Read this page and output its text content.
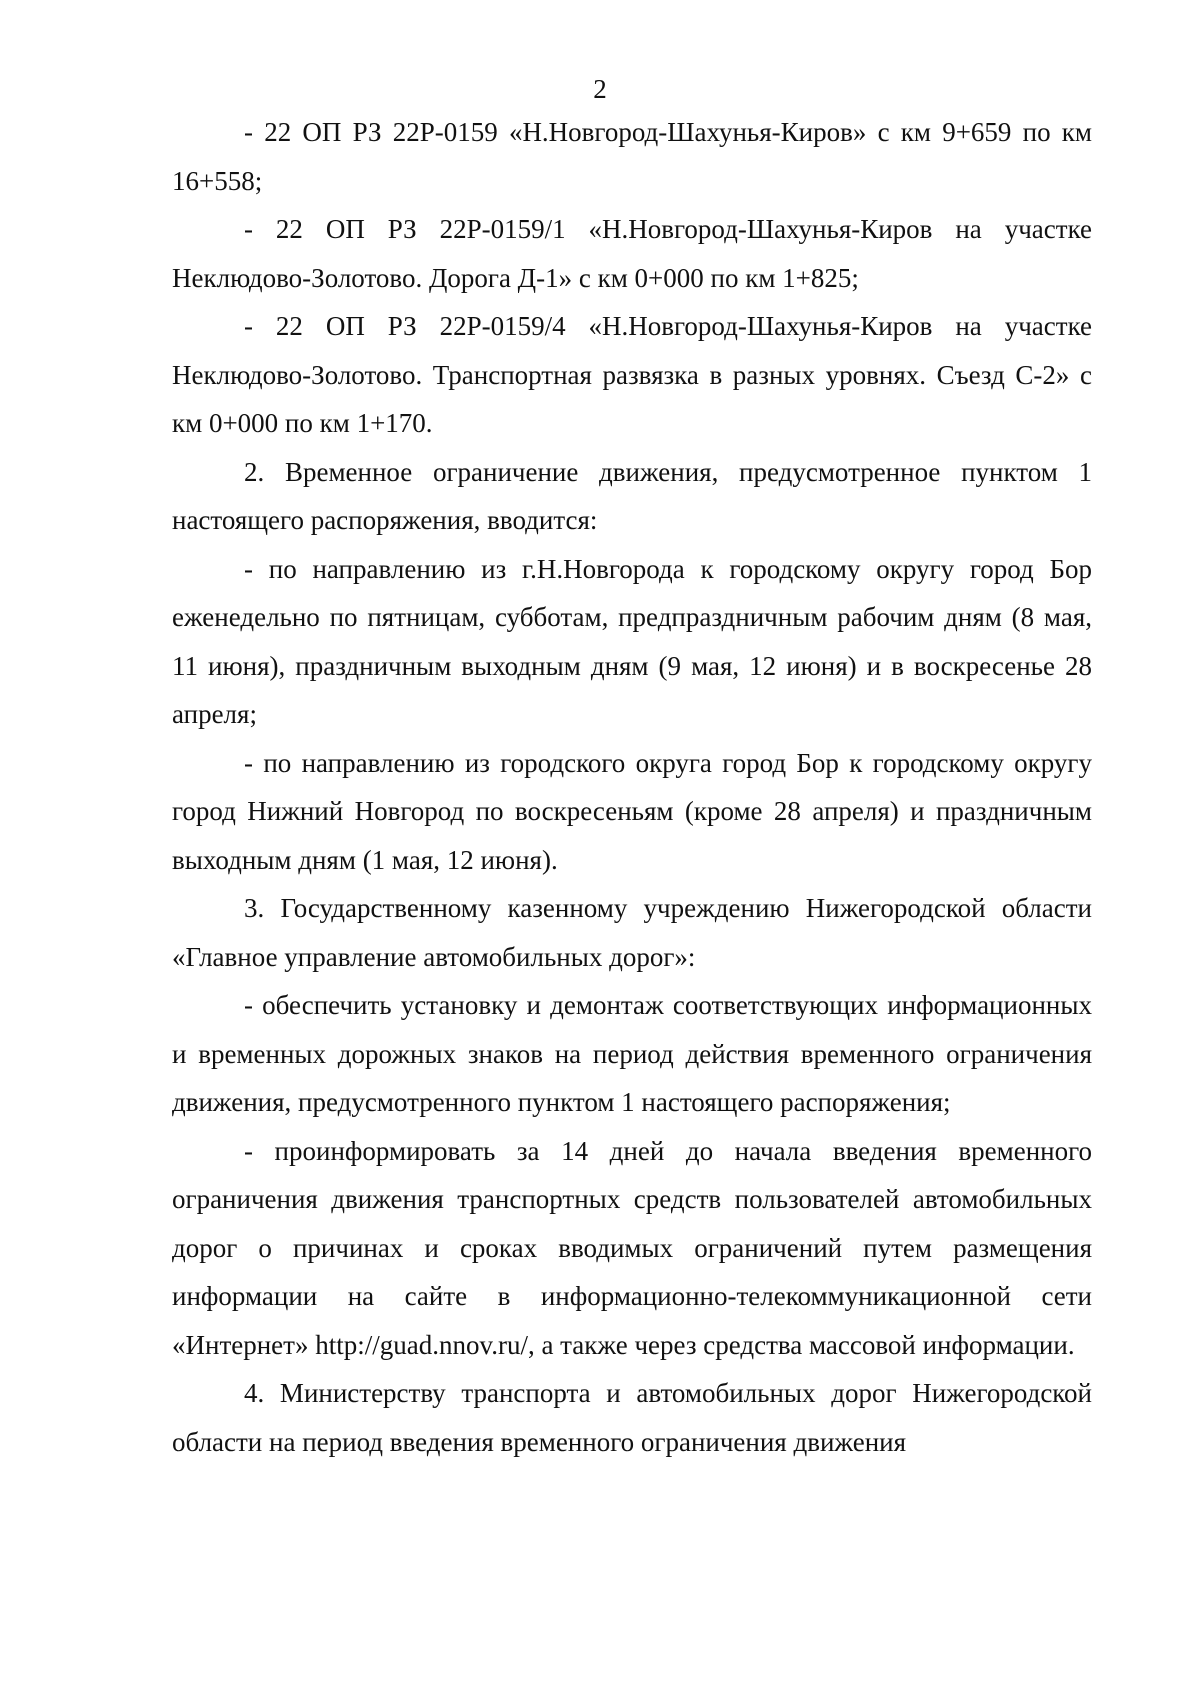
2

- 22 ОП РЗ 22Р-0159 «Н.Новгород-Шахунья-Киров» с км 9+659 по км 16+558;

- 22 ОП РЗ 22Р-0159/1 «Н.Новгород-Шахунья-Киров на участке Неклюдово-Золотово. Дорога Д-1» с км 0+000 по км 1+825;

- 22 ОП РЗ 22Р-0159/4 «Н.Новгород-Шахунья-Киров на участке Неклюдово-Золотово. Транспортная развязка в разных уровнях. Съезд С-2» с км 0+000 по км 1+170.

2. Временное ограничение движения, предусмотренное пунктом 1 настоящего распоряжения, вводится:

- по направлению из г.Н.Новгорода к городскому округу город Бор еженедельно по пятницам, субботам, предпраздничным рабочим дням (8 мая, 11 июня), праздничным выходным дням (9 мая, 12 июня) и в воскресенье 28 апреля;

- по направлению из городского округа город Бор к городскому округу город Нижний Новгород по воскресеньям (кроме 28 апреля) и праздничным выходным дням (1 мая, 12 июня).

3. Государственному казенному учреждению Нижегородской области «Главное управление автомобильных дорог»:

- обеспечить установку и демонтаж соответствующих информационных и временных дорожных знаков на период действия временного ограничения движения, предусмотренного пунктом 1 настоящего распоряжения;

- проинформировать за 14 дней до начала введения временного ограничения движения транспортных средств пользователей автомобильных дорог о причинах и сроках вводимых ограничений путем размещения информации на сайте в информационно-телекоммуникационной сети «Интернет» http://guad.nnov.ru/, а также через средства массовой информации.

4. Министерству транспорта и автомобильных дорог Нижегородской области на период введения временного ограничения движения
